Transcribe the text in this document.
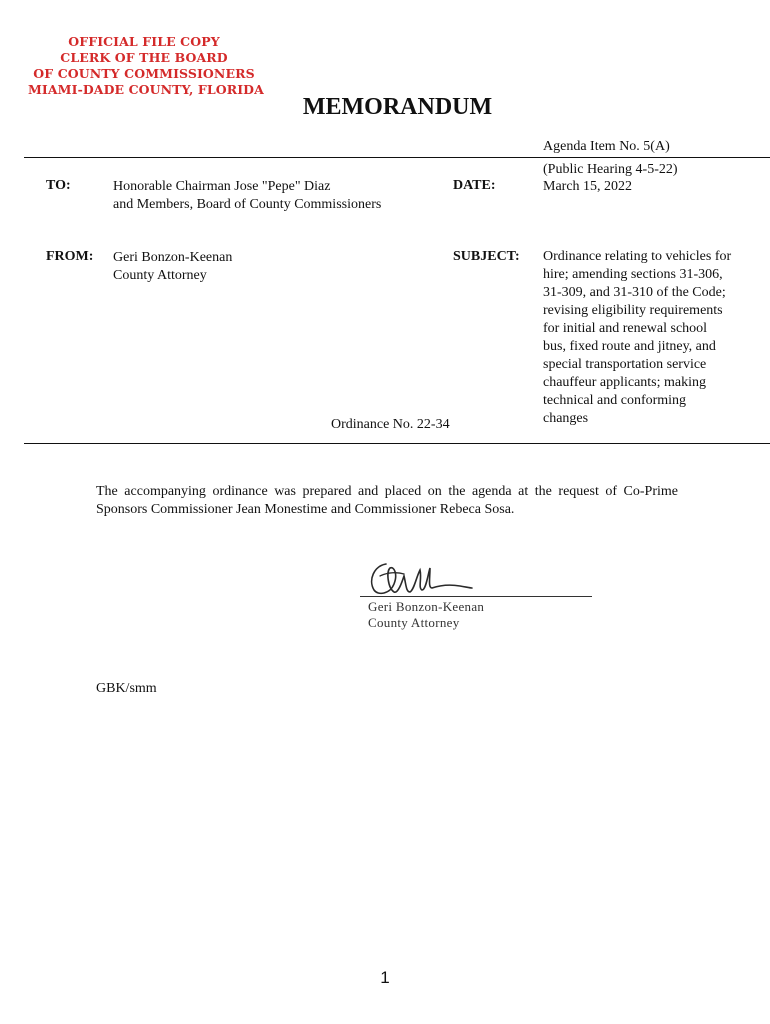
OFFICIAL FILE COPY
CLERK OF THE BOARD
OF COUNTY COMMISSIONERS
MIAMI-DADE COUNTY, FLORIDA
MEMORANDUM
Agenda Item No. 5(A)
(Public Hearing 4-5-22)
TO:	Honorable Chairman Jose "Pepe" Diaz
and Members, Board of County Commissioners
DATE:	March 15, 2022
FROM: Geri Bonzon-Keenan
County Attorney
SUBJECT: Ordinance relating to vehicles for
hire; amending sections 31-306,
31-309, and 31-310 of the Code;
revising eligibility requirements
for initial and renewal school
bus, fixed route and jitney, and
special transportation service
chauffeur applicants; making
technical and conforming
changes
Ordinance No. 22-34
The accompanying ordinance was prepared and placed on the agenda at the request of Co-Prime Sponsors Commissioner Jean Monestime and Commissioner Rebeca Sosa.
Geri Bonzon-Keenan
County Attorney
GBK/smm
1
